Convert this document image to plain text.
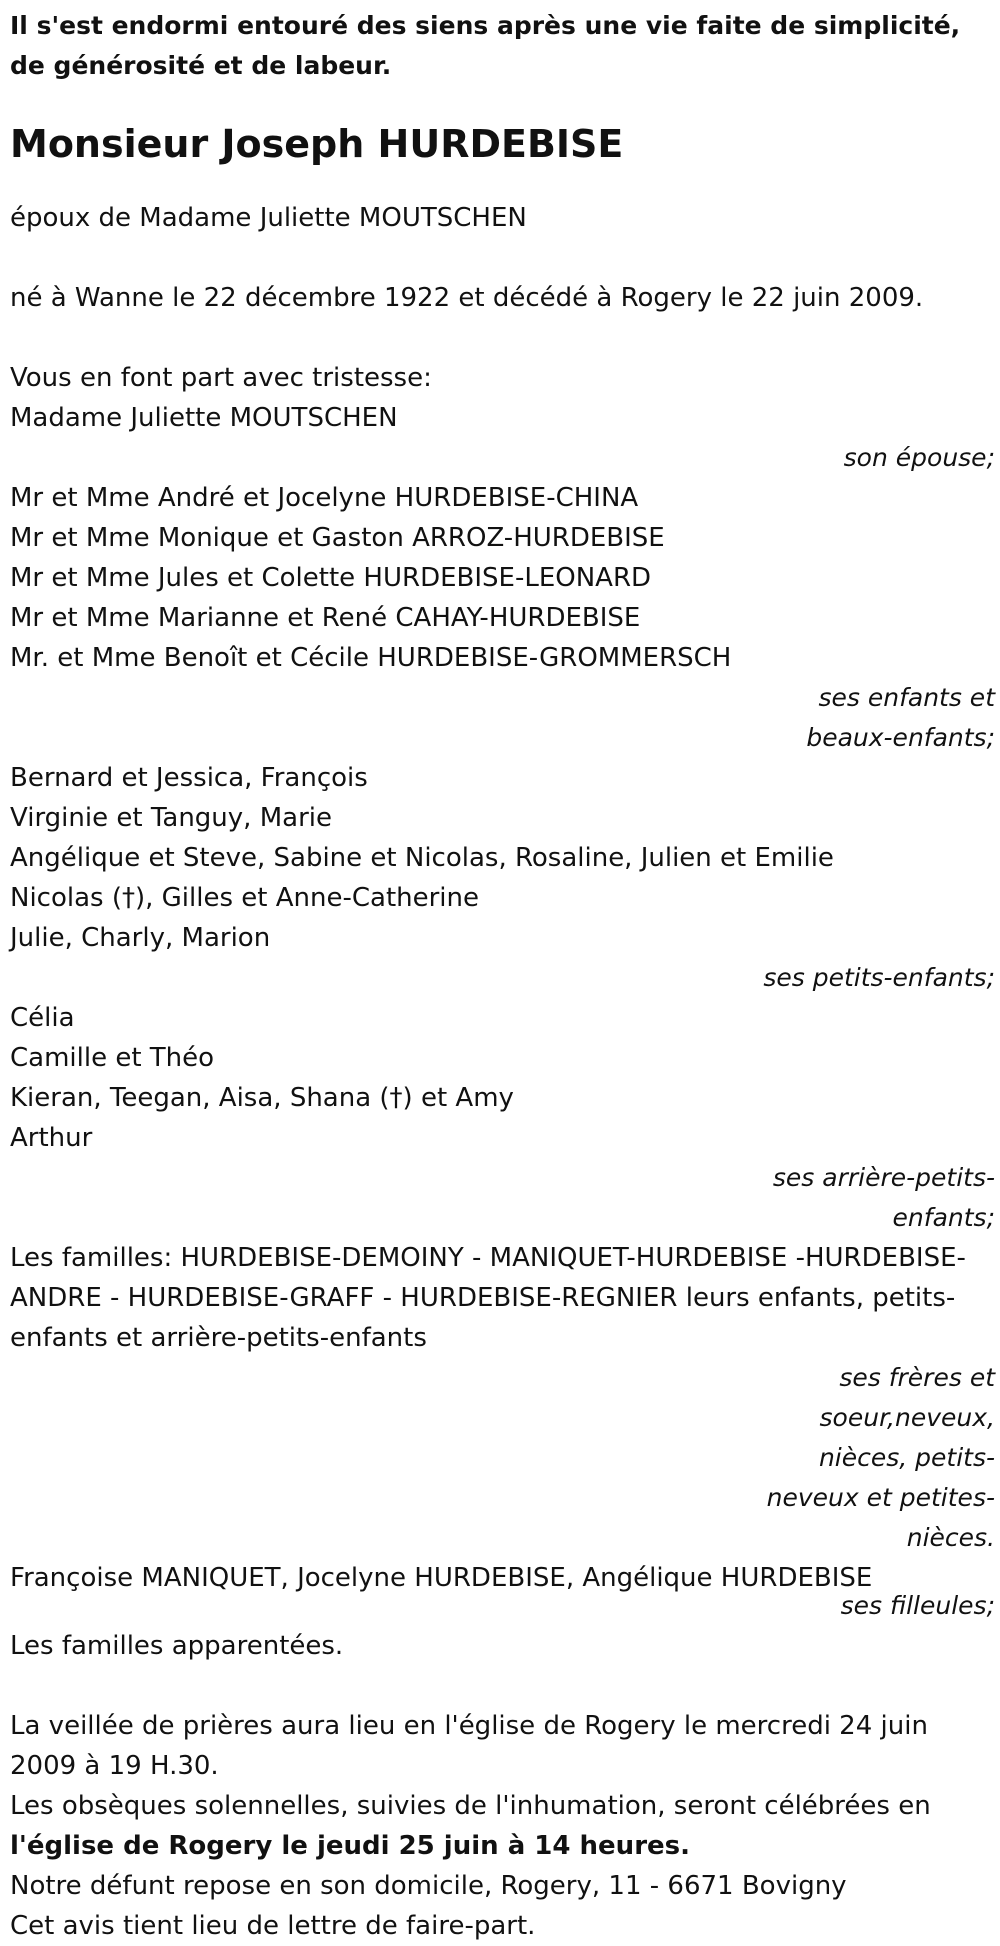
Il s'est endormi entouré des siens après une vie faite de simplicité, de générosité et de labeur.

Monsieur Joseph HURDEBISE

époux de Madame Juliette MOUTSCHEN

né à Wanne le 22 décembre 1922 et décédé à Rogery le 22 juin 2009.

Vous en font part avec tristesse:

Madame Juliette MOUTSCHEN

son épouse;

Mr et Mme André et Jocelyne HURDEBISE-CHINA
Mr et Mme Monique et Gaston ARROZ-HURDEBISE
Mr et Mme Jules et Colette HURDEBISE-LEONARD
Mr et Mme Marianne et René CAHAY-HURDEBISE
Mr. et Mme Benoît et Cécile HURDEBISE-GROMMERSCH

ses enfants et beaux-enfants;

Bernard et Jessica, François
Virginie et Tanguy, Marie
Angélique et Steve, Sabine et Nicolas, Rosaline, Julien et Emilie
Nicolas (†), Gilles et Anne-Catherine
Julie, Charly, Marion

ses petits-enfants;

Célia
Camille et Théo
Kieran, Teegan, Aisa, Shana (†) et Amy
Arthur

ses arrière-petits-enfants;

Les familles: HURDEBISE-DEMOINY - MANIQUET-HURDEBISE -HURDEBISE-ANDRE - HURDEBISE-GRAFF - HURDEBISE-REGNIER leurs enfants, petits-enfants et arrière-petits-enfants

ses frères et soeur,neveux, nièces, petits-neveux et petites-nièces.

Françoise MANIQUET, Jocelyne HURDEBISE, Angélique HURDEBISE

ses filleules;

Les familles apparentées.

La veillée de prières aura lieu en l'église de Rogery le mercredi 24 juin 2009 à 19 H.30.

Les obsèques solennelles, suivies de l'inhumation, seront célébrées en
l'église de Rogery le jeudi 25 juin à 14 heures.

Notre défunt repose en son domicile, Rogery, 11 - 6671 Bovigny

Cet avis tient lieu de lettre de faire-part.
